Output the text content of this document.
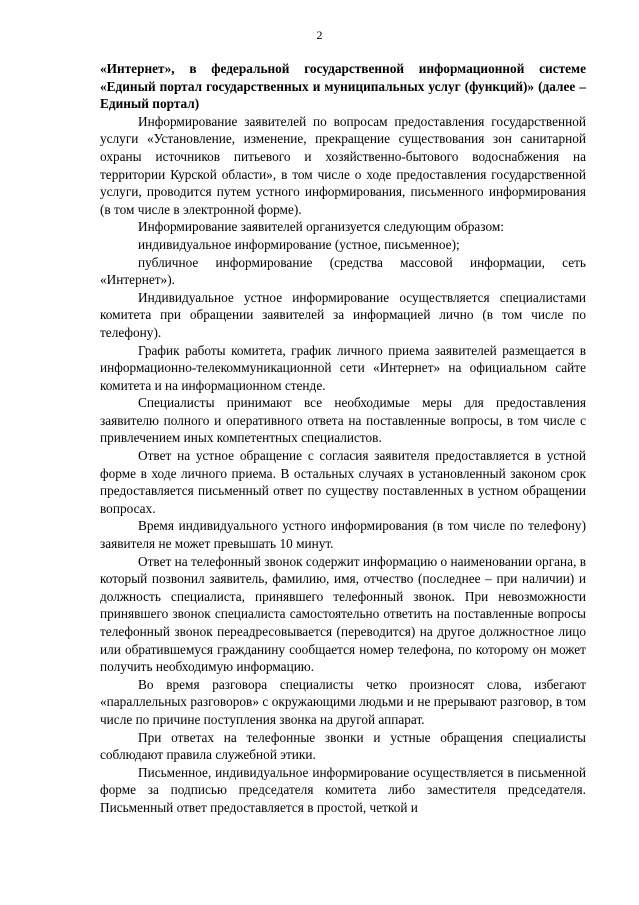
2

«Интернет», в федеральной государственной информационной системе «Единый портал государственных и муниципальных услуг (функций)» (далее – Единый портал)

Информирование заявителей по вопросам предоставления государственной услуги «Установление, изменение, прекращение существования зон санитарной охраны источников питьевого и хозяйственно-бытового водоснабжения на территории Курской области», в том числе о ходе предоставления государственной услуги, проводится путем устного информирования, письменного информирования (в том числе в электронной форме).

Информирование заявителей организуется следующим образом:

индивидуальное информирование (устное, письменное);

публичное информирование (средства массовой информации, сеть «Интернет»).

Индивидуальное устное информирование осуществляется специалистами комитета при обращении заявителей за информацией лично (в том числе по телефону).

График работы комитета, график личного приема заявителей размещается в информационно-телекоммуникационной сети «Интернет» на официальном сайте комитета и на информационном стенде.

Специалисты принимают все необходимые меры для предоставления заявителю полного и оперативного ответа на поставленные вопросы, в том числе с привлечением иных компетентных специалистов.

Ответ на устное обращение с согласия заявителя предоставляется в устной форме в ходе личного приема. В остальных случаях в установленный законом срок предоставляется письменный ответ по существу поставленных в устном обращении вопросах.

Время индивидуального устного информирования (в том числе по телефону) заявителя не может превышать 10 минут.

Ответ на телефонный звонок содержит информацию о наименовании органа, в который позвонил заявитель, фамилию, имя, отчество (последнее – при наличии) и должность специалиста, принявшего телефонный звонок. При невозможности принявшего звонок специалиста самостоятельно ответить на поставленные вопросы телефонный звонок переадресовывается (переводится) на другое должностное лицо или обратившемуся гражданину сообщается номер телефона, по которому он может получить необходимую информацию.

Во время разговора специалисты четко произносят слова, избегают «параллельных разговоров» с окружающими людьми и не прерывают разговор, в том числе по причине поступления звонка на другой аппарат.

При ответах на телефонные звонки и устные обращения специалисты соблюдают правила служебной этики.

Письменное, индивидуальное информирование осуществляется в письменной форме за подписью председателя комитета либо заместителя председателя. Письменный ответ предоставляется в простой, четкой и
